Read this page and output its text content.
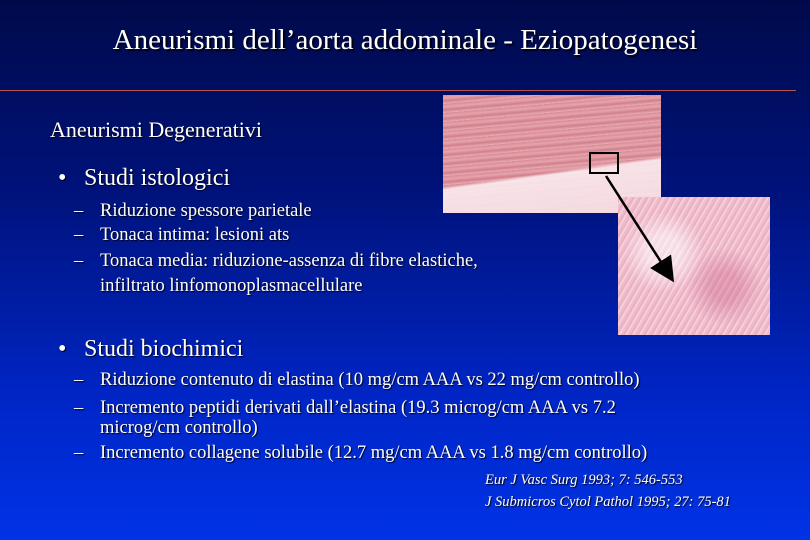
Aneurismi dell’aorta addominale - Eziopatogenesi
Aneurismi Degenerativi
• Studi istologici
– Riduzione spessore parietale
– Tonaca intima: lesioni ats
– Tonaca media: riduzione-assenza di fibre elastiche,
infiltrato linfomonoplasmacellulare
• Studi biochimici
– Riduzione contenuto di elastina (10 mg/cm AAA vs 22 mg/cm controllo)
– Incremento peptidi derivati dall’elastina (19.3 microg/cm AAA vs 7.2
microg/cm controllo)
– Incremento collagene solubile (12.7 mg/cm AAA vs 1.8 mg/cm controllo)
Eur J Vasc Surg 1993; 7: 546-553
J Submicros Cytol Pathol 1995; 27: 75-81
